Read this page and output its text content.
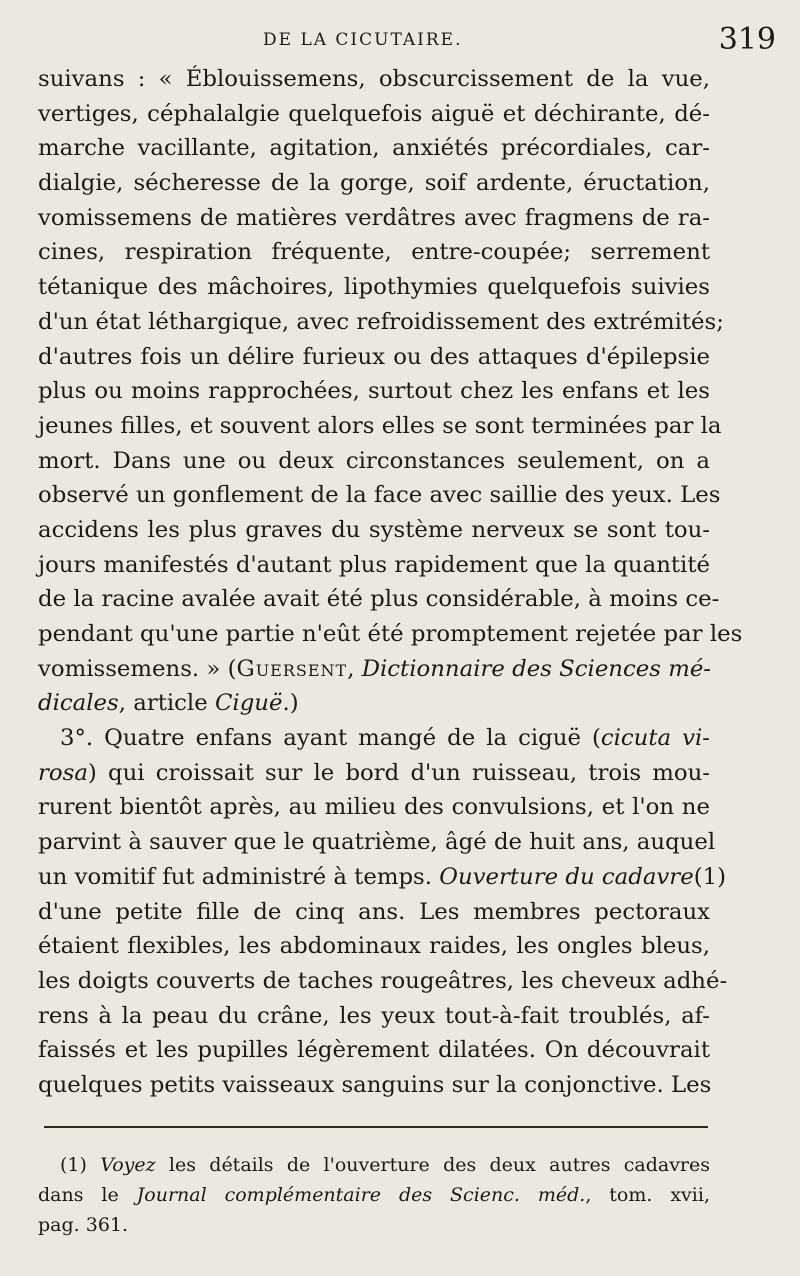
DE LA CICUTAIRE.	319
suivans : « Éblouissemens, obscurcissement de la vue,
vertiges, céphalalgie quelquefois aiguë et déchirante, dé-
marche vacillante, agitation, anxiétés précordiales, car-
dialgie, sécheresse de la gorge, soif ardente, éructation,
vomissemens de matières verdâtres avec fragmens de ra-
cines, respiration fréquente, entre-coupée; serrement
tétanique des mâchoires, lipothymies quelquefois suivies
d'un état léthargique, avec refroidissement des extrémités;
d'autres fois un délire furieux ou des attaques d'épilepsie
plus ou moins rapprochées, surtout chez les enfans et les
jeunes filles, et souvent alors elles se sont terminées par la
mort. Dans une ou deux circonstances seulement, on a
observé un gonflement de la face avec saillie des yeux. Les
accidens les plus graves du système nerveux se sont tou-
jours manifestés d'autant plus rapidement que la quantité
de la racine avalée avait été plus considérable, à moins ce-
pendant qu'une partie n'eût été promptement rejetée par les
vomissemens. » (Guersent, Dictionnaire des Sciences mé-
dicales, article Ciguë.)
3°. Quatre enfans ayant mangé de la ciguë (cicuta vi-
rosa) qui croissait sur le bord d'un ruisseau, trois mou-
rurent bientôt après, au milieu des convulsions, et l'on ne
parvint à sauver que le quatrième, âgé de huit ans, auquel
un vomitif fut administré à temps. Ouverture du cadavre(1)
d'une petite fille de cinq ans. Les membres pectoraux
étaient flexibles, les abdominaux raides, les ongles bleus,
les doigts couverts de taches rougeâtres, les cheveux adhé-
rens à la peau du crâne, les yeux tout-à-fait troublés, af-
faissés et les pupilles légèrement dilatées. On découvrait
quelques petits vaisseaux sanguins sur la conjonctive. Les
(1) Voyez les détails de l'ouverture des deux autres cadavres
dans le Journal complémentaire des Scienc. méd., tom. xvii,
pag. 361.
